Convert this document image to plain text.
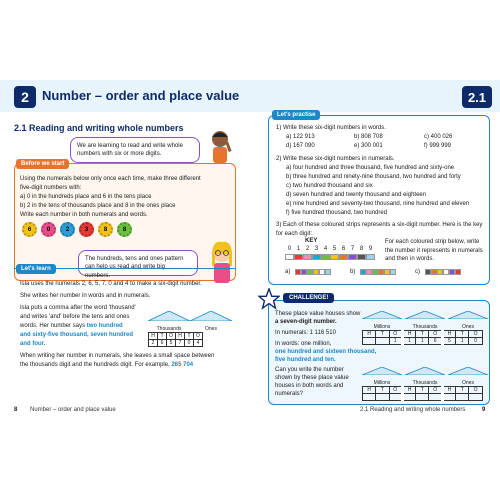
2	Number – order and place value
2.1 Reading and writing whole numbers
We are learning to read and write whole numbers with six or more digits.
Before we start
Using the numerals below only once each time, make three different
five-digit numbers with:
a) 0 in the hundreds place and 6 in the tens place
b) 2 in the tens of thousands place and 8 in the ones place
Write each number in both numerals and words.
6	0	2	3	8	8
The hundreds, tens and ones pattern can help us read and write big numbers.
Let's learn
Isla uses the numerals 2, 6, 5, 7, 0 and 4 to make a six-digit number.
She writes her number in words and in numerals.
Isla puts a comma after the word 'thousand'
and writes 'and' before the tens and ones
words. Her number says two hundred
and sixty-five thousand, seven hundred
and four.
When writing her number in numerals, she leaves a small space between
the thousands digit and the hundreds digit. For example, 265 704
Thousands	Ones
H	T	O	H	T	O
2	6	5	7	0	4
8 Number – order and place value
2.1
Let's practise
1) Write these six-digit numbers in words.
a) 122 913	b) 808 708	c) 400 026
d) 167 090	e) 300 001	f) 999 999
2) Write these six-digit numbers in numerals.
a) four hundred and three thousand, five hundred and sixty-one
b) three hundred and ninety-nine thousand, two hundred and forty
c) two hundred thousand and six
d) seven hundred and twenty thousand and eighteen
e) nine hundred and seventy-two thousand, nine hundred and eleven
f) five hundred thousand, two hundred
3) Each of these coloured strips represents a six-digit number. Here is the key for each digit:
KEY
0 1 2 3 4 5 6 7 8 9
For each coloured strip below, write the number it represents in numerals and then in words.
a)	b)	c)
CHALLENGE!
These place value houses show
a seven-digit number.
In numerals: 1 116 510
In words: one million,
one hundred and sixteen thousand,
five hundred and ten.
Can you write the number
shown by these place value
houses in both words and
numerals?
Millions	Thousands	Ones
H	T	O	H	T	O	H	T	O
		1	1	1	6	5	1	0
Millions	Thousands	Ones
H	T	O	H	T	O	H	T	O

2.1 Reading and writing whole numbers	9
